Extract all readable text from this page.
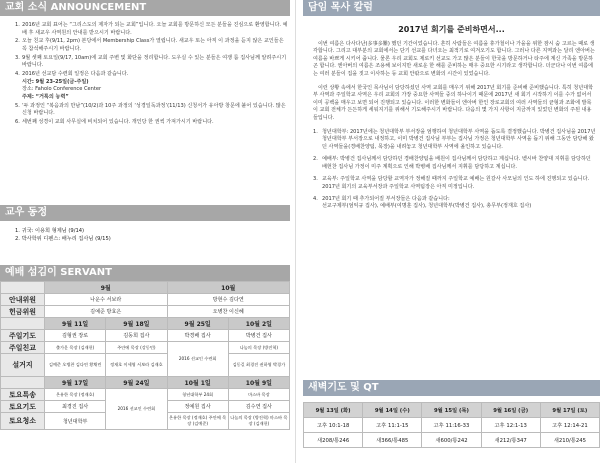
교회 소식 ANNOUNCEMENT
1. 2016년 교회 표어는 “그리스도의 제자가 되는 교회”입니다. 오늘 교회를 방문하신 모든 분들을 진심으로 환영합니다. 예배 후 새교우 사역원의 안내를 받으시기 바랍니다.
2. 오늘 친교 후(9/11, 2pm) 본당에서 Membership Class가 열립니다. 새교우 또는 아직 이 과정을 듣지 않은 교인들은 꼭 참석해주시기 바랍니다.
3. 9월 셋째 토요일(9/17, 10am)에 교회 주변 및 화단을 정리합니다. 도우실 수 있는 분들은 여쟁 룸 집사님께 알려주시기 바랍니다.
4. 2016년 선교담 수련회 일정은 다음과 같습니다.
시간: 9월 23-25일(금-주일)
장소: Faholo Conference Center
주제: “거룩의 능력”
5. ‘두 과정인 “복음과의 만남”(10/2)과 10주 과정의 ‘성경일독과정’(11/13) 신청서가 유아방 창문에 붙어 있습니다. 많은 신청 바랍니다.
6. 세번째 성경이 교회 사무실에 비치되어 있습니다. 개인당 한 권씩 가져가시기 바랍니다.
교우 동정
1. 귀국: 이용희 형제님 (9/14)
2. 박사학위 디펜스: 배누리 집사님 (9/15)
예배 섬김이 SERVANT
	9월		10월	
안내위원	나운수 서보라		방현수 김다연	
헌금위원	김예준 방효은		오병찬 이신혜	
	9월 11일	9월 18일	9월 25일	10월 2일
주일기도	김형권 장로	김동희 집사	박경배 집사	박병건 집사
주일친교	출가운 목장 (김재헌)	주안에 목장 (강동민)	2016 선교인 수련회	나눔의 목장 (방진혁)
설거지	김예준 오병찬 김다연 황채린	정재호 이세영 서보라 김재호		김동길 최경진 권하영 박경가
	9월 17일	9월 24일	10월 1일	10월 9일
토요특송	온유한 목장 (정재호)	2016 선교인 수련회	청년대학부 24회	마스바 목장
토요기도	최경진 집사		정예원 집사	김수연 집사
토요청소	청년대학부		온유한 목장 (정재호) 주안에 목장 (김예준)	나눔의 목장 (방진혁) 마스바 목장 (김재헌)
담임 목사 칼럼
2017년 회기를 준비하면서...

이번 여름은 다사다난(多事多難) 했던 기간이었습니다. 흔히 사람들은 여름을 휴가철이나 가을을 위한 잠시 숨 고르는 때로 생각합니다. 그리고 대부분의 교회에서는 단기 선교를 다녀오는 최적기로 여겨오기도 합니다. 그러나 다른 지역과는 달리 엔아버는 여름을 바쁘게 시키어 줍니다. 물론 우리 교회도 제로키 선교도 가고 많은 분들이 한국을 방문하거나 타주에 계신 가족을 방문하곤 합니다. 엔아버의 여름은 조용해 보이지만 새로운 한 해를 준비하는 매우 중요한 시기라고 생각합니다. 더군다나 이번 여름에는 여러 분들이 집을 짓고 이사하는 등 교회 안팎으로 변화의 시간이 있었습니다.

이런 상황 속에서 한국인 목사님이 담당하셨던 사역 교회를 매우기 위해 2017년 회기를 준비해 준비했습니다. 특히 청년대학부 사역과 주일학교 사역은 우리 교회의 가장 중요한 사역들 중의 하나이기 때문에 2017년 새 회기 시작하기 이를 수가 없어서 이미 공백을 매우고 보면 되어 진행되고 있습니다. 이러한 변화들이 엔아버 한인 장로교회의 여러 사역들의 균형과 조화에 발목이 교회 전체가 든든하게 세워지기를 위해서 기도해주시기 바랍니다. 다음의 몇 가지 사항이 지금까지 있었던 변화의 주된 내용들입니다.

1. 청년대학부: 2017년에는 청년대학부 부서장을 엄행하여 청년대학부 사역을 돕도록 결정했습니다. 박병건 집사님을 2017년 청년대학부 부서장으로 내정하고, 이미 박병건 집사님 부부는 집사님 가정은 청년대학부 사역을 돕기 위해 그동안 담당해 왔던 사역들을(경배찬양팀, 목장)을 내려놓고 청년대학부 사역에 올인하고 있습니다.
2. 예배부: 박병건 집사님께서 담당하던 경배찬양팀을 배원이 집사님께서 담당하고 계십니다. 벧시바 찬양대 지휘를 담당하던 배헌찬 집사님 가정이 미주 계획으로 인해 박병배 집사님께서 지휘를 담당하고 계십니다.
3. 교육부: 주일학교 사역을 담당할 교역자가 정해질 때까지 주일학교 예배는 원갈사 사모님의 인도 하에 진행되고 있습니다. 2017년 회기의 교육부서장과 주일학교 사역팀장은 아직 미정입니다.
4. 2017년 회기 때 추가되어질 부서장들은 다음과 같습니다:
선교구제부(엄익규 집사), 예배부(여명훈 집사), 청년대학부(박병건 집사), 총무부(정재호 집사)
새벽기도 및 QT
9월 13일 (화)	9월 14일 (수)	9월 15일 (목)	9월 16일 (금)	9월 17일 (토)
고후 10:1-18	고후 11:1-15	고후 11:16-33	고후 12:1-13	고후 12:14-21
새208/통246	새366/통485	새600/통242	새212/통347	새210/통245
